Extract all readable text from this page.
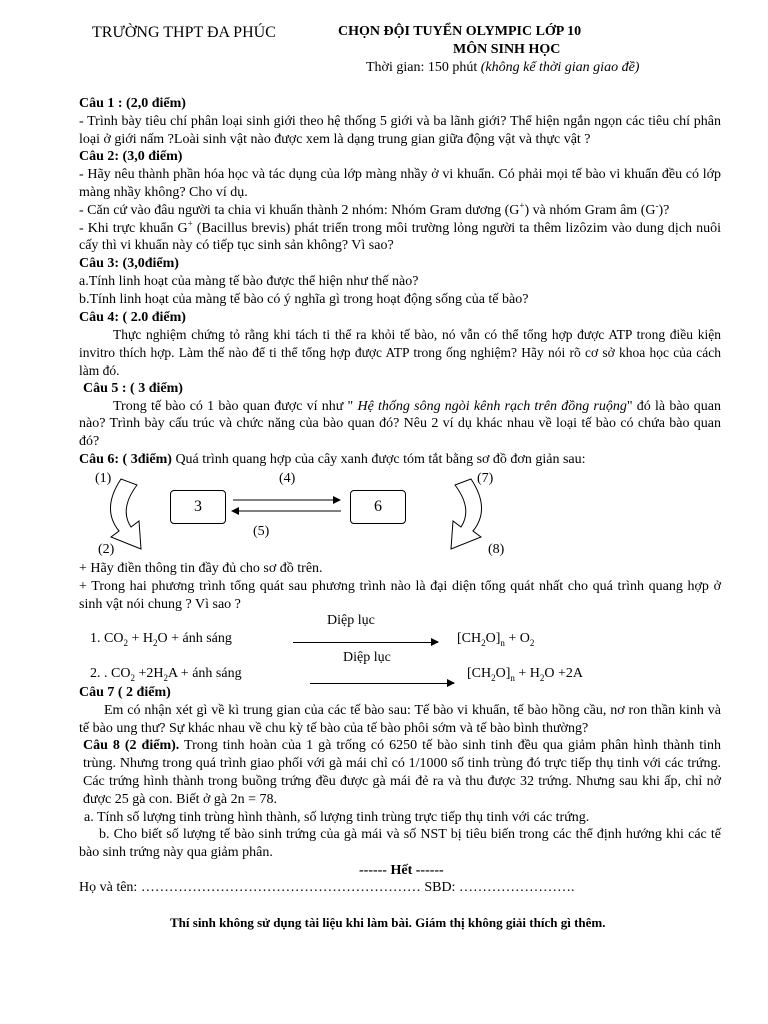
TRƯỜNG THPT ĐA PHÚC	CHỌN ĐỘI TUYỂN OLYMPIC LỚP 10
MÔN SINH HỌC
Thời gian: 150 phút (không kể thời gian giao đề)

Câu 1 : (2,0 điểm)

- Trình bày tiêu chí phân loại sinh giới theo hệ thống 5 giới và ba lãnh giới? Thể hiện ngắn ngọn các tiêu chí phân loại ở giới nấm ?Loài sinh vật nào được xem là dạng trung gian giữa động vật và thực vật ?

Câu 2: (3,0 điểm)

- Hãy nêu thành phần hóa học và tác dụng của lớp màng nhầy ở vi khuẩn. Có phải mọi tế bào vi khuẩn đều có lớp màng nhầy không? Cho ví dụ.

- Căn cứ vào đâu người ta chia vi khuẩn thành 2 nhóm: Nhóm Gram dương (G+) và nhóm Gram âm (G-)?

- Khi trực khuẩn G+ (Bacillus brevis) phát triển trong môi trường lỏng người ta thêm lizôzim vào dung dịch nuôi cấy thì vi khuẩn này có tiếp tục sinh sản không? Vì sao?

Câu 3: (3,0điểm)

a.Tính linh hoạt của màng tế bào được thể hiện như thế nào?

b.Tính linh hoạt của màng tế bào có ý nghĩa gì trong hoạt động sống của tế bào?

Câu 4: ( 2.0 điểm)

Thực nghiệm chứng tỏ rằng khi tách ti thể ra khỏi tế bào, nó vẫn có thể tổng hợp được ATP trong điều kiện invitro thích hợp. Làm thế nào để ti thể tổng hợp được ATP trong ống nghiệm? Hãy nói rõ cơ sở khoa học của cách làm đó.

Câu 5 : ( 3 điểm)

Trong tế bào có 1 bào quan được ví như " Hệ thống sông ngòi kênh rạch trên đồng ruộng" đó là bào quan nào? Trình bày cấu trúc và chức năng của bào quan đó? Nêu 2 ví dụ khác nhau về loại tế bào có chứa bào quan đó?

Câu 6: ( 3điểm) Quá trình quang hợp của cây xanh được tóm tắt bằng sơ đồ đơn giản sau:

(1)	(4)	(7)
(5)
(2)	(8)
3	6

+ Hãy điền thông tin đầy đủ cho sơ đồ trên.

+ Trong hai phương trình tổng quát sau phương trình nào là đại diện tổng quát nhất cho quá trình quang hợp ở sinh vật nói chung ? Vì sao ?

Diệp lục
1. $CO_2 + H_2O$ + ánh sáng	$[CH_2O]_n + O_2$
Diệp lục
2. . $CO_2 +2H_2A$ + ánh sáng	$[CH_2O]_n + H_2O +2A$

Câu 7 ( 2 điểm)

Em có nhận xét gì về kì trung gian của các tế bào sau: Tế bào vi khuẩn, tế bào hồng cầu, nơ ron thần kinh và tế bào ung thư? Sự khác nhau về chu kỳ tế bào của tế bào phôi sớm và tế bào bình thường?

Câu 8 (2 điểm). Trong tinh hoàn của 1 gà trống có 6250 tế bào sinh tinh đều qua giảm phân hình thành tinh trùng. Nhưng trong quá trình giao phối với gà mái chỉ có 1/1000 số tinh trùng đó trực tiếp thụ tinh với các trứng. Các trứng hình thành trong buồng trứng đều được gà mái đẻ ra và thu được 32 trứng. Nhưng sau khi ấp, chỉ nở được 25 gà con. Biết ở gà 2n = 78.

a. Tính số lượng tinh trùng hình thành, số lượng tinh trùng trực tiếp thụ tinh với các trứng.

b. Cho biết số lượng tế bào sinh trứng của gà mái và số NST bị tiêu biến trong các thể định hướng khi các tế bào sinh trứng này qua giảm phân.

------ Hết ------
Họ và tên: …………………………………………………… SBD: …………………….
Thí sinh không sử dụng tài liệu khi làm bài. Giám thị không giải thích gì thêm.
